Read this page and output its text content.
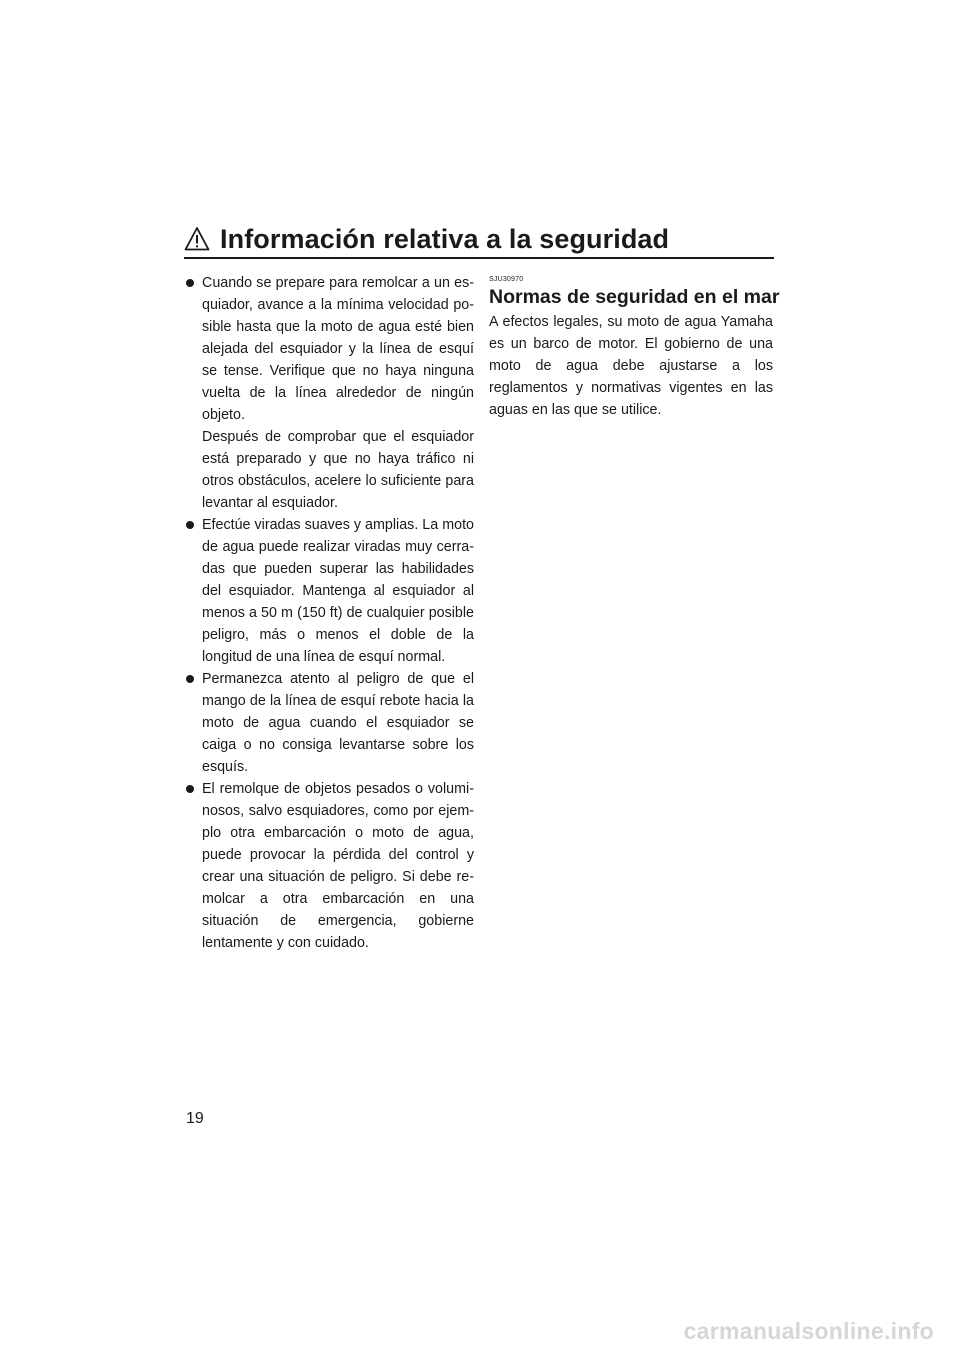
Información relativa a la seguridad

Cuando se prepare para remolcar a un esquiador, avance a la mínima velocidad posible hasta que la moto de agua esté bien alejada del esquiador y la línea de esquí se tense. Verifique que no haya ninguna vuelta de la línea alrededor de ningún objeto.

Después de comprobar que el esquiador está preparado y que no haya tráfico ni otros obstáculos, acelere lo suficiente para levantar al esquiador.

Efectúe viradas suaves y amplias. La moto de agua puede realizar viradas muy cerradas que pueden superar las habilidades del esquiador. Mantenga al esquiador al menos a 50 m (150 ft) de cualquier posible peligro, más o menos el doble de la longitud de una línea de esquí normal.

Permanezca atento al peligro de que el mango de la línea de esquí rebote hacia la moto de agua cuando el esquiador se caiga o no consiga levantarse sobre los esquís.

El remolque de objetos pesados o voluminosos, salvo esquiadores, como por ejemplo otra embarcación o moto de agua, puede provocar la pérdida del control y crear una situación de peligro. Si debe remolcar a otra embarcación en una situación de emergencia, gobierne lentamente y con cuidado.

SJU30970
Normas de seguridad en el mar

A efectos legales, su moto de agua Yamaha es un barco de motor. El gobierno de una moto de agua debe ajustarse a los reglamentos y normativas vigentes en las aguas en las que se utilice.

19
carmanualsonline.info
